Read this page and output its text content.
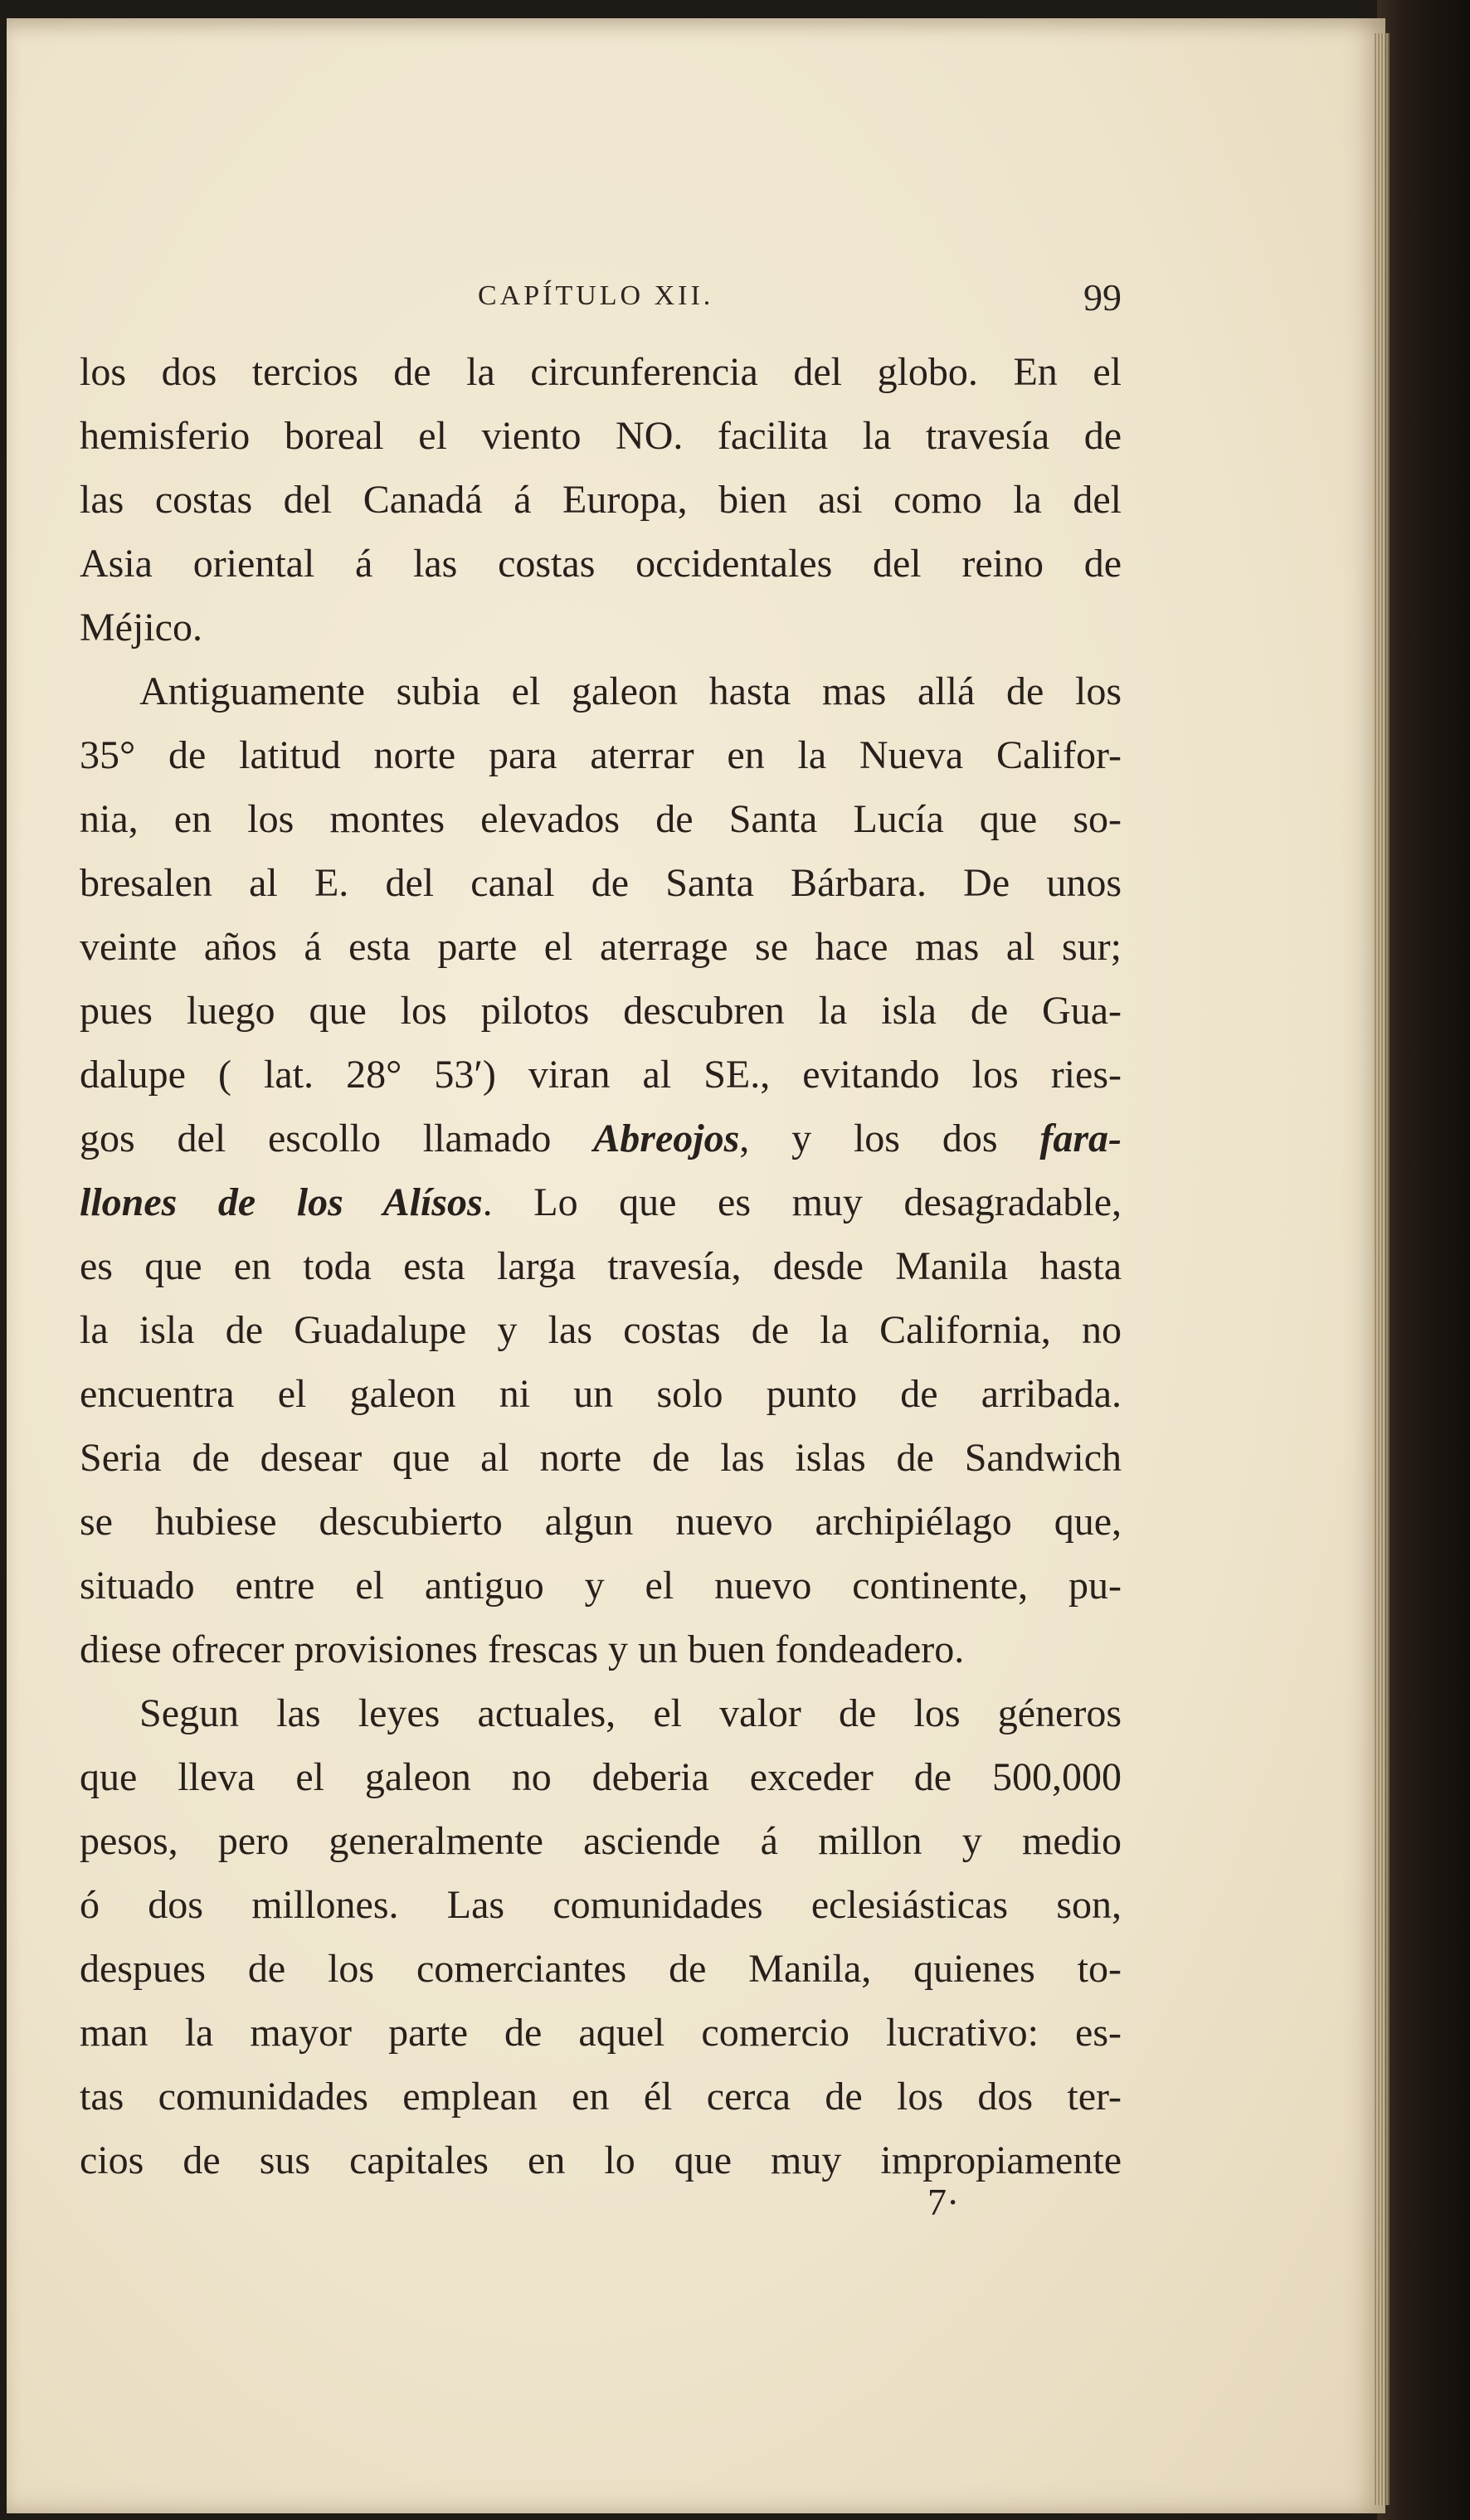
CAPÍTULO XII.	99
los dos tercios de la circunferencia del globo. En el
hemisferio boreal el viento NO. facilita la travesía de
las costas del Canadá á Europa, bien asi como la del
Asia oriental á las costas occidentales del reino de
Méjico.
Antiguamente subia el galeon hasta mas allá de los
35° de latitud norte para aterrar en la Nueva Califor-
nia, en los montes elevados de Santa Lucía que so-
bresalen al E. del canal de Santa Bárbara. De unos
veinte años á esta parte el aterrage se hace mas al sur;
pues luego que los pilotos descubren la isla de Gua-
dalupe ( lat. 28° 53′) viran al SE., evitando los ries-
gos del escollo llamado Abreojos, y los dos fara-
llones de los Alísos. Lo que es muy desagradable,
es que en toda esta larga travesía, desde Manila hasta
la isla de Guadalupe y las costas de la California, no
encuentra el galeon ni un solo punto de arribada.
Seria de desear que al norte de las islas de Sandwich
se hubiese descubierto algun nuevo archipiélago que,
situado entre el antiguo y el nuevo continente, pu-
diese ofrecer provisiones frescas y un buen fondeadero.
Segun las leyes actuales, el valor de los géneros
que lleva el galeon no deberia exceder de 500,000
pesos, pero generalmente asciende á millon y medio
ó dos millones. Las comunidades eclesiásticas son,
despues de los comerciantes de Manila, quienes to-
man la mayor parte de aquel comercio lucrativo: es-
tas comunidades emplean en él cerca de los dos ter-
cios de sus capitales en lo que muy impropiamente
7·
